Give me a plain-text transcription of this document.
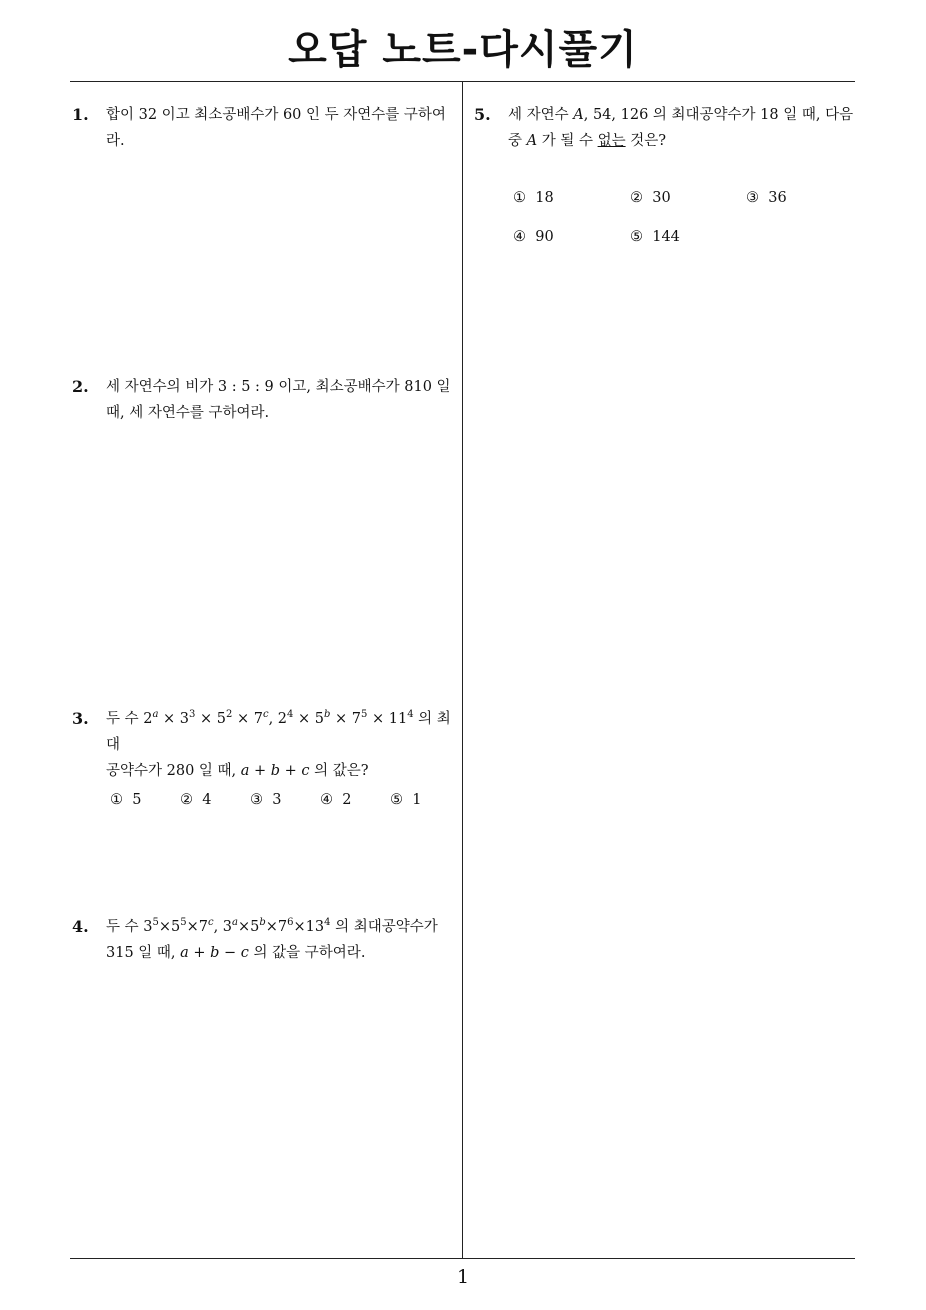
오답 노트-다시풀기
1. 합이 32 이고 최소공배수가 60 인 두 자연수를 구하여
라.
2. 세 자연수의 비가 3 : 5 : 9 이고, 최소공배수가 810 일
때, 세 자연수를 구하여라.
3. 두 수 $2^a \times 3^3 \times 5^2 \times 7^c$, $2^4 \times 5^b \times 7^5 \times 11^4$ 의 최대
공약수가 280 일 때, a + b + c 의 값은?
① 5	② 4	③ 3	④ 2	⑤ 1
4. 두 수 $3^5\times 5^5\times 7^c$, $3^a\times 5^b\times 7^6\times 13^4$ 의 최대공약수가
315 일 때, a + b − c 의 값을 구하여라.
5. 세 자연수 A, 54, 126 의 최대공약수가 18 일 때, 다음
중 A 가 될 수 없는 것은?
① 18	② 30	③ 36
④ 90	⑤ 144
1
